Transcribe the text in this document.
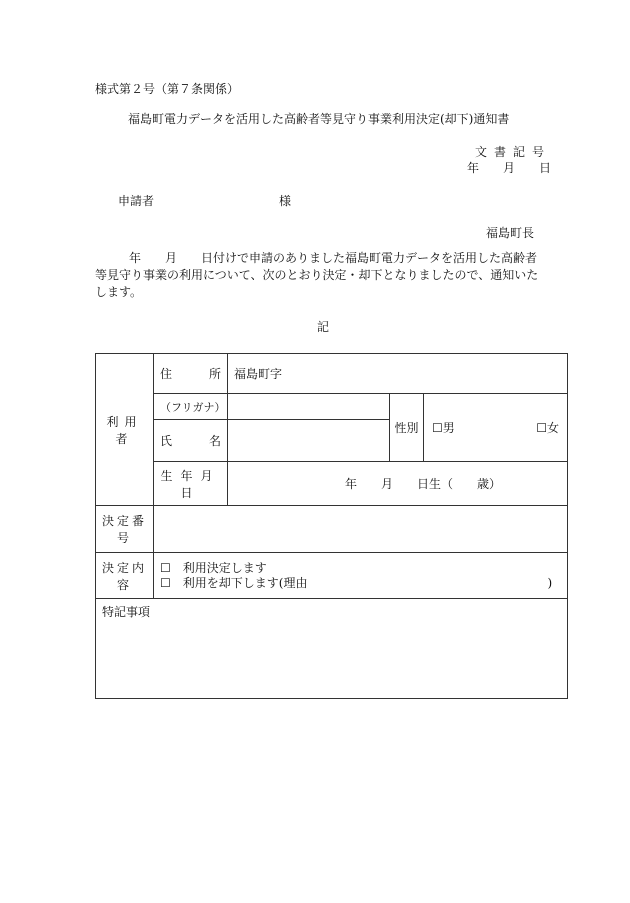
様式第２号（第７条関係）
福島町電力データを活用した高齢者等見守り事業利用決定(却下)通知書
文書記号
年 月 日
申請者	様
福島町長

年　　月　　日付けで申請のありました福島町電力データを活用した高齢者

等見守り事業の利用について、次のとおり決定・却下となりましたので、通知いた

します。

記
利用者	住 所	福島町字		
	（フリガナ）		性別	☐男 ☐女

	氏 名			

	生年月日	年　　月　　日生（　　歳）		
決定番号				
決定内容	☐　利用決定します
☐　利用を却下します(理由　　　　　　　　　　　　　　　　　　　　)			

特記事項				
